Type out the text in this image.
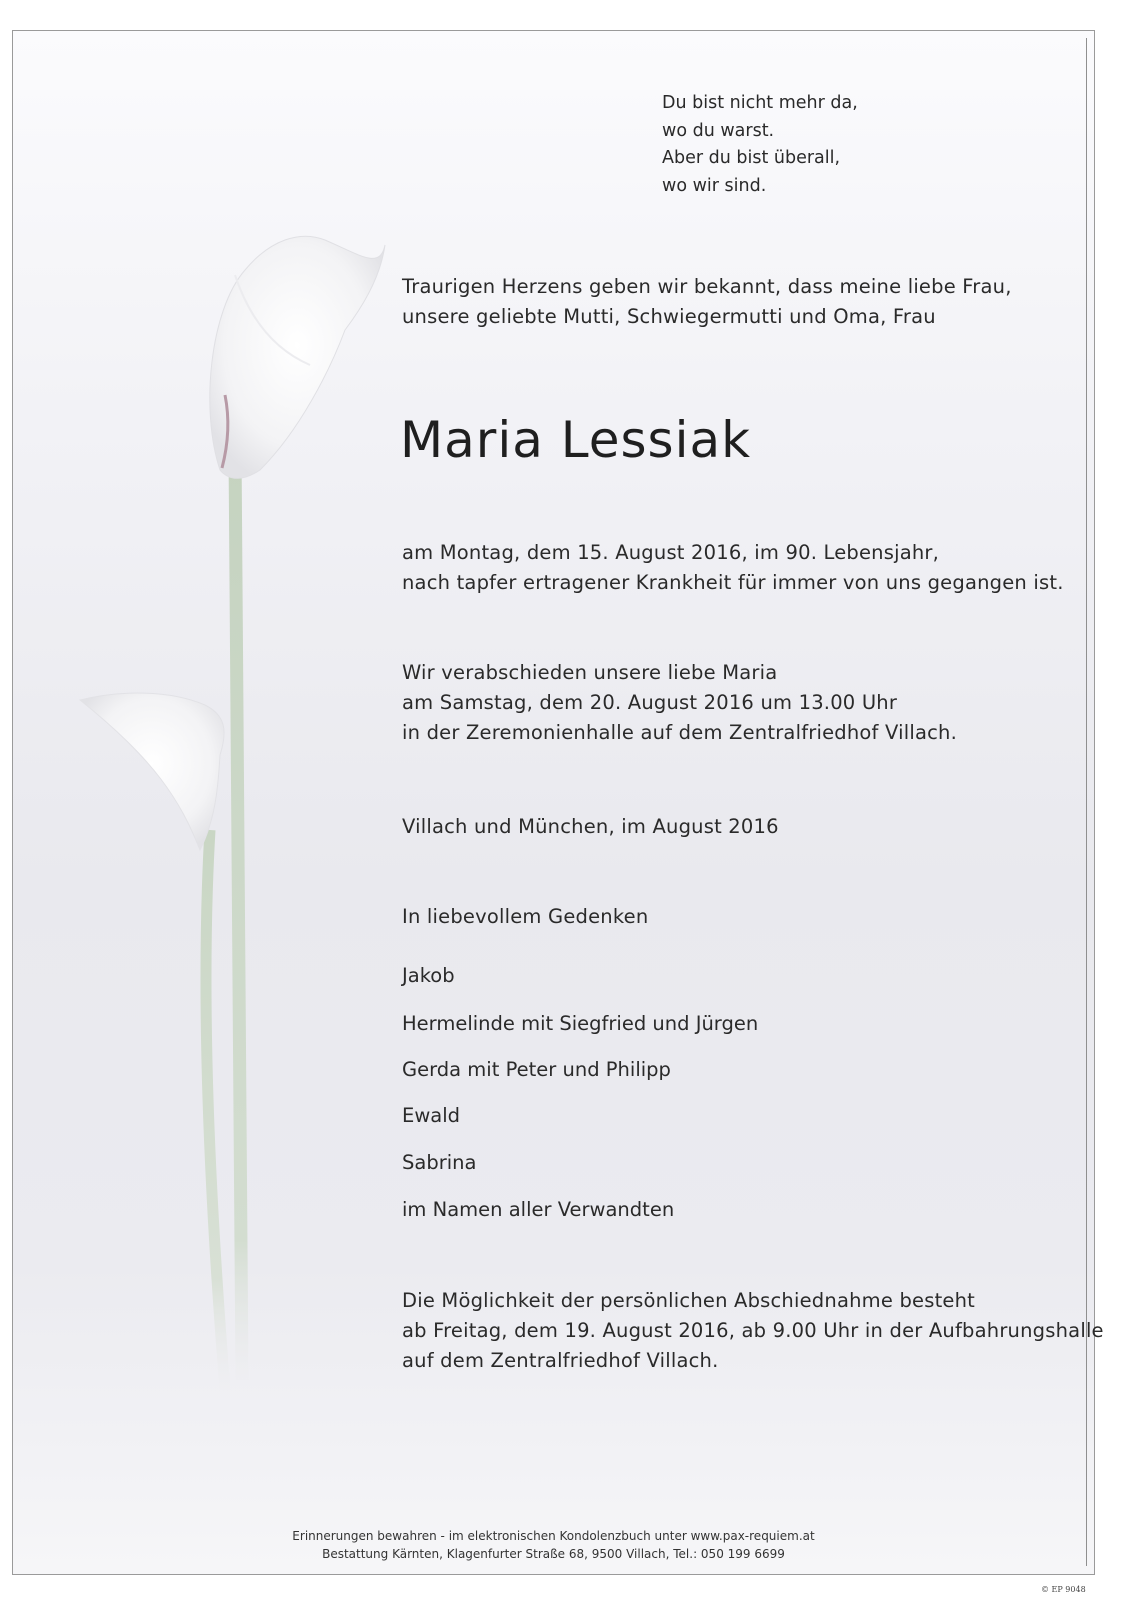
Du bist nicht mehr da,
wo du warst.
Aber du bist überall,
wo wir sind.
Traurigen Herzens geben wir bekannt, dass meine liebe Frau,
unsere geliebte Mutti, Schwiegermutti und Oma, Frau
Maria Lessiak
am Montag, dem 15. August 2016, im 90. Lebensjahr,
nach tapfer ertragener Krankheit für immer von uns gegangen ist.
Wir verabschieden unsere liebe Maria
am Samstag, dem 20. August 2016 um 13.00 Uhr
in der Zeremonienhalle auf dem Zentralfriedhof Villach.
Villach und München, im August 2016
In liebevollem Gedenken
Jakob
Hermelinde mit Siegfried und Jürgen
Gerda mit Peter und Philipp
Ewald
Sabrina
im Namen aller Verwandten
Die Möglichkeit der persönlichen Abschiednahme besteht
ab Freitag, dem 19. August 2016, ab 9.00 Uhr in der Aufbahrungshalle
auf dem Zentralfriedhof Villach.
Erinnerungen bewahren - im elektronischen Kondolenzbuch unter www.pax-requiem.at
Bestattung Kärnten, Klagenfurter Straße 68, 9500 Villach, Tel.: 050 199 6699
© EP 9048
